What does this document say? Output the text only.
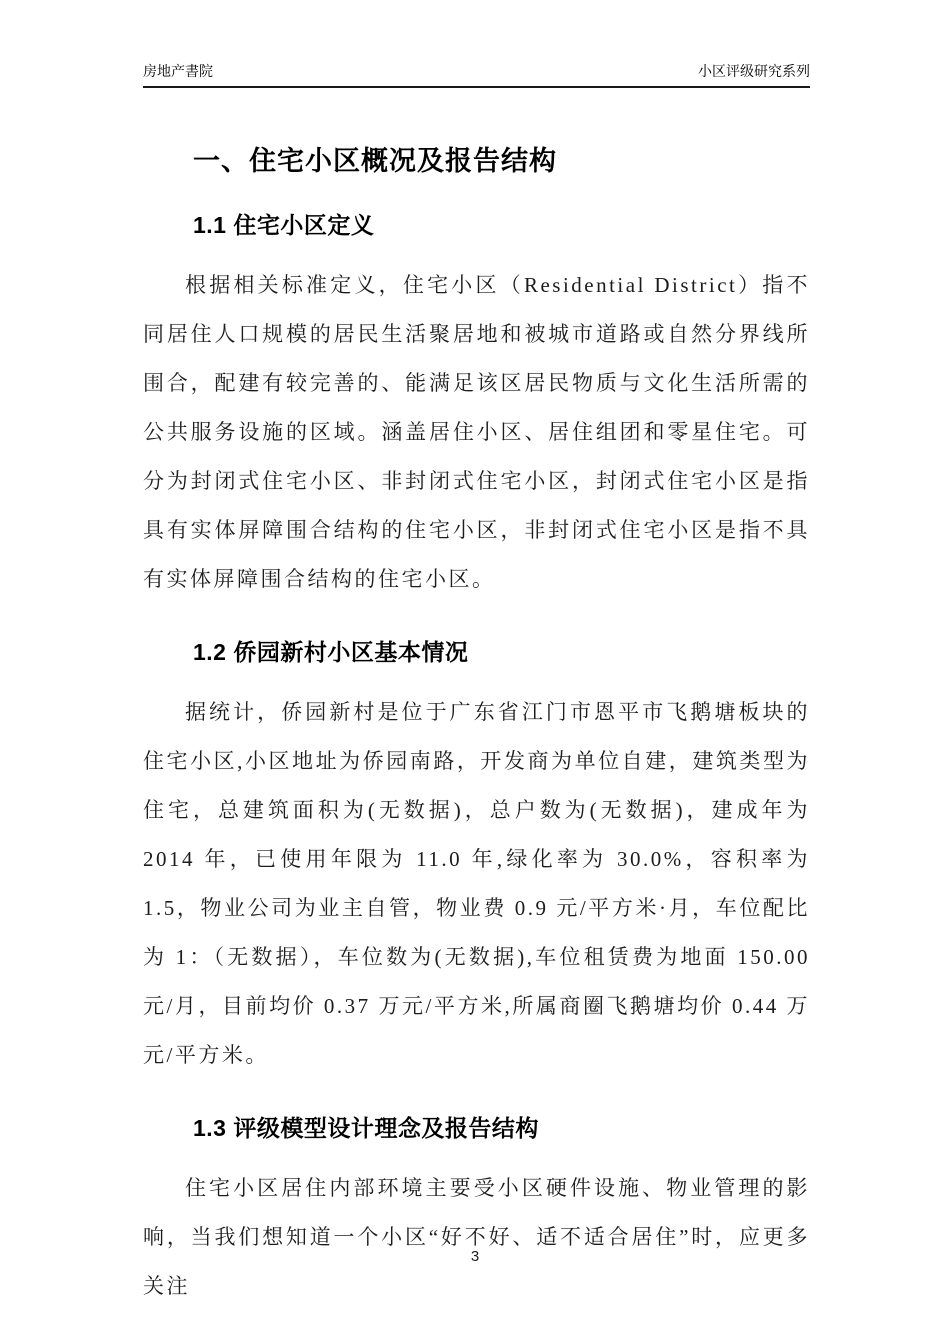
房地产書院	小区评级研究系列
一、住宅小区概况及报告结构
1.1 住宅小区定义

根据相关标准定义，住宅小区（Residential District）指不同居住人口规模的居民生活聚居地和被城市道路或自然分界线所围合，配建有较完善的、能满足该区居民物质与文化生活所需的公共服务设施的区域。涵盖居住小区、居住组团和零星住宅。可分为封闭式住宅小区、非封闭式住宅小区，封闭式住宅小区是指具有实体屏障围合结构的住宅小区，非封闭式住宅小区是指不具有实体屏障围合结构的住宅小区。

1.2 侨园新村小区基本情况

据统计，侨园新村是位于广东省江门市恩平市飞鹅塘板块的住宅小区,小区地址为侨园南路，开发商为单位自建，建筑类型为住宅，总建筑面积为(无数据)，总户数为(无数据)，建成年为 2014 年，已使用年限为 11.0 年,绿化率为 30.0%，容积率为 1.5，物业公司为业主自管，物业费 0.9 元/平方米·月，车位配比为 1：（无数据），车位数为(无数据),车位租赁费为地面 150.00 元/月，目前均价 0.37 万元/平方米,所属商圈飞鹅塘均价 0.44 万元/平方米。

1.3 评级模型设计理念及报告结构

住宅小区居住内部环境主要受小区硬件设施、物业管理的影响，当我们想知道一个小区“好不好、适不适合居住”时，应更多关注

3
